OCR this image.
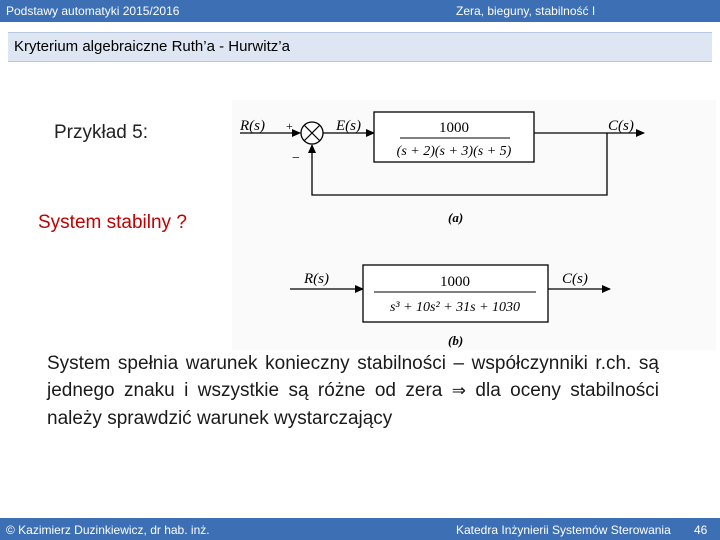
Podstawy automatyki 2015/2016	Zera, bieguny, stabilność I
Kryterium algebraiczne Ruth’a - Hurwitz’a
Przykład 5:
System stabilny ?
R(s) +
−
E(s)	1000
(s + 2)(s + 3)(s + 5)
C(s)
(a)
R(s)	1000
s³ + 10s² + 31s + 1030
C(s)
(b)
System spełnia warunek konieczny stabilności – współczynniki r.ch. są jednego znaku i wszystkie są różne od zera ⇒ dla oceny stabilności należy sprawdzić warunek wystarczający
© Kazimierz Duzinkiewicz, dr hab. inż.	Katedra Inżynierii Systemów Sterowania 46
